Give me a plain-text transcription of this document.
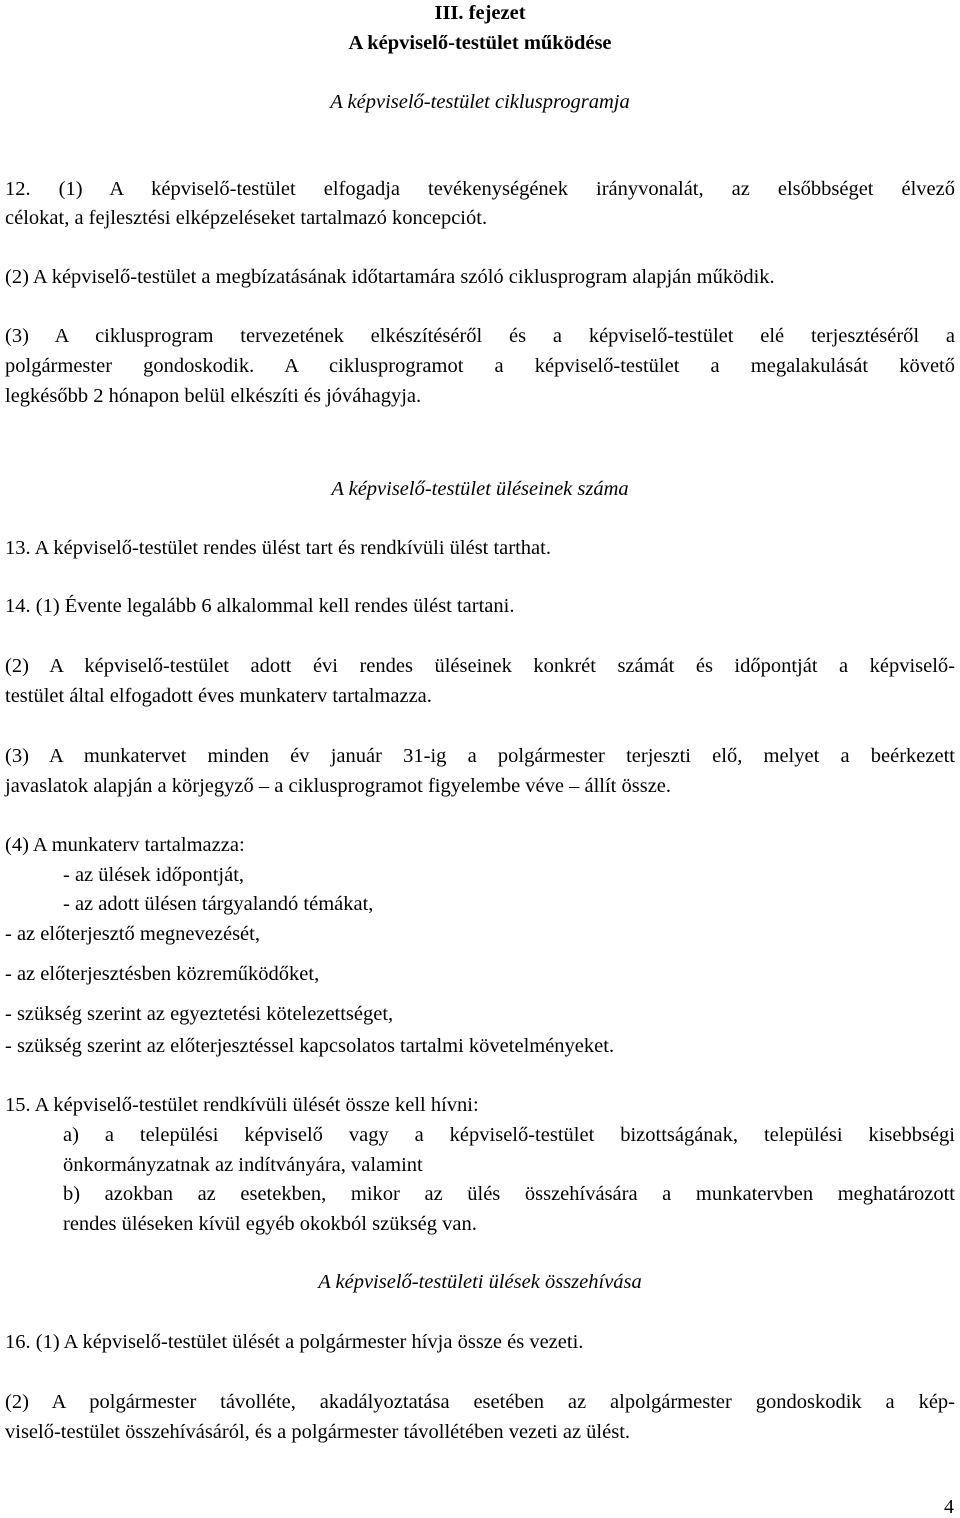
III. fejezet
A képviselő-testület működése
A képviselő-testület ciklusprogramja
12. (1) A képviselő-testület elfogadja tevékenységének irányvonalát, az elsőbbséget élvező
célokat, a fejlesztési elképzeléseket tartalmazó koncepciót.
(2) A képviselő-testület a megbízatásának időtartamára szóló ciklusprogram alapján működik.
(3) A ciklusprogram tervezetének elkészítéséről és a képviselő-testület elé terjesztéséről a
polgármester gondoskodik. A ciklusprogramot a képviselő-testület a megalakulását követő
legkésőbb 2 hónapon belül elkészíti és jóváhagyja.
A képviselő-testület üléseinek száma
13. A képviselő-testület rendes ülést tart és rendkívüli ülést tarthat.
14. (1) Évente legalább 6 alkalommal kell rendes ülést tartani.
(2) A képviselő-testület adott évi rendes üléseinek konkrét számát és időpontját a képviselő-
testület által elfogadott éves munkaterv tartalmazza.
(3) A munkatervet minden év január 31-ig a polgármester terjeszti elő, melyet a beérkezett
javaslatok alapján a körjegyző – a ciklusprogramot figyelembe véve – állít össze.
(4) A munkaterv tartalmazza:
- az ülések időpontját,
- az adott ülésen tárgyalandó témákat,
- az előterjesztő megnevezését,
- az előterjesztésben közreműködőket,
- szükség szerint az egyeztetési kötelezettséget,
- szükség szerint az előterjesztéssel kapcsolatos tartalmi követelményeket.
15. A képviselő-testület rendkívüli ülését össze kell hívni:
a) a települési képviselő vagy a képviselő-testület bizottságának, települési kisebbségi
önkormányzatnak az indítványára, valamint
b) azokban az esetekben, mikor az ülés összehívására a munkatervben meghatározott
rendes üléseken kívül egyéb okokból szükség van.
A képviselő-testületi ülések összehívása
16. (1) A képviselő-testület ülését a polgármester hívja össze és vezeti.
(2) A polgármester távolléte, akadályoztatása esetében az alpolgármester gondoskodik a kép-
viselő-testület összehívásáról, és a polgármester távollétében vezeti az ülést.
4
